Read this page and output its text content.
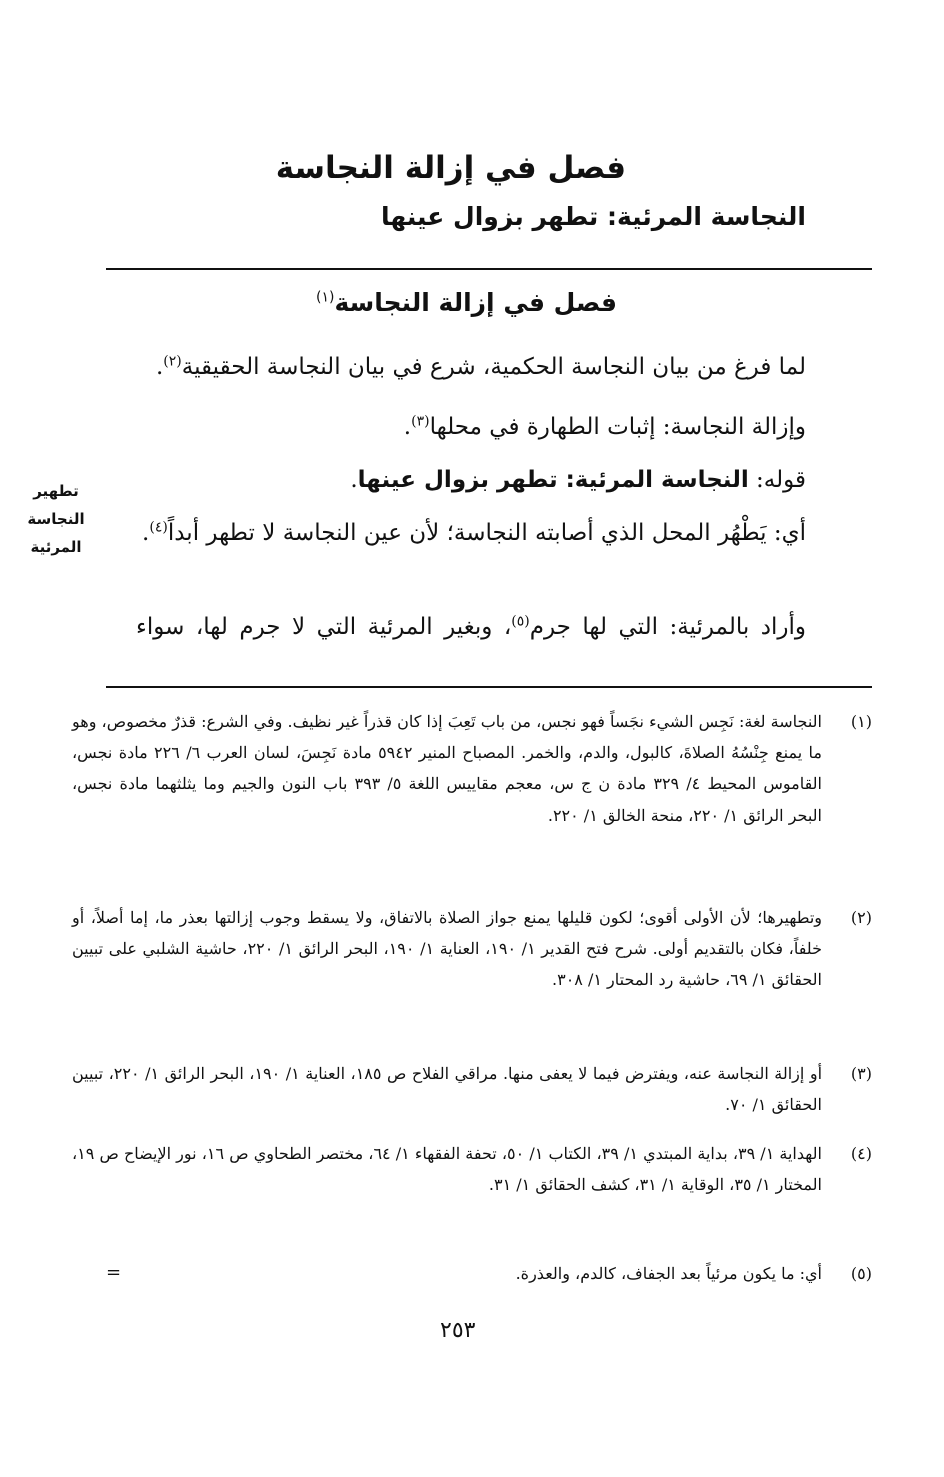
فصل في إزالة النجاسة
النجاسة المرئية: تطهر بزوال عينها
فصل في إزالة النجاسة$^{(١)}$
لما فرغ من بيان النجاسة الحكمية، شرع في بيان النجاسة الحقيقية$^{(٢)}$.
وإزالة النجاسة: إثبات الطهارة في محلها$^{(٣)}$.
قوله: النجاسة المرئية: تطهر بزوال عينها.
أي: يَطْهُر المحل الذي أصابته النجاسة؛ لأن عين النجاسة لا تطهر أبداً$^{(٤)}$.
وأراد بالمرئية: التي لها جرم$^{(٥)}$، وبغير المرئية التي لا جرم لها، سواء
تطهير
النجاسة
المرئية
(١)
النجاسة لغة: نَجِس الشيء نجَساً فهو نجس، من باب تَعِبَ إذا كان قذراً غير نظيف. وفي الشرع: قذرٌ مخصوص، وهو ما يمنع جِنْسُهُ الصلاةَ، كالبول، والدم، والخمر. المصباح المنير ٥٩٤٢ مادة نَجِسَ، لسان العرب ٦/ ٢٢٦ مادة نجس، القاموس المحيط ٤/ ٣٢٩ مادة ن ج س، معجم مقاييس اللغة ٥/ ٣٩٣ باب النون والجيم وما يثلثهما مادة نجس، البحر الرائق ١/ ٢٢٠، منحة الخالق ١/ ٢٢٠.
(٢)
وتطهيرها؛ لأن الأولى أقوى؛ لكون قليلها يمنع جواز الصلاة بالاتفاق، ولا يسقط وجوب إزالتها بعذر ما، إما أصلاً، أو خلفاً، فكان بالتقديم أولى. شرح فتح القدير ١/ ١٩٠، العناية ١/ ١٩٠، البحر الرائق ١/ ٢٢٠، حاشية الشلبي على تبيين الحقائق ١/ ٦٩، حاشية رد المحتار ١/ ٣٠٨.
(٣)
أو إزالة النجاسة عنه، ويفترض فيما لا يعفى منها. مراقي الفلاح ص ١٨٥، العناية ١/ ١٩٠، البحر الرائق ١/ ٢٢٠، تبيين الحقائق ١/ ٧٠.
(٤)
الهداية ١/ ٣٩، بداية المبتدي ١/ ٣٩، الكتاب ١/ ٥٠، تحفة الفقهاء ١/ ٦٤، مختصر الطحاوي ص ١٦، نور الإيضاح ص ١٩، المختار ١/ ٣٥، الوقاية ١/ ٣١، كشف الحقائق ١/ ٣١.
(٥)
أي: ما يكون مرئياً بعد الجفاف، كالدم، والعذرة.
=
٢٥٣
